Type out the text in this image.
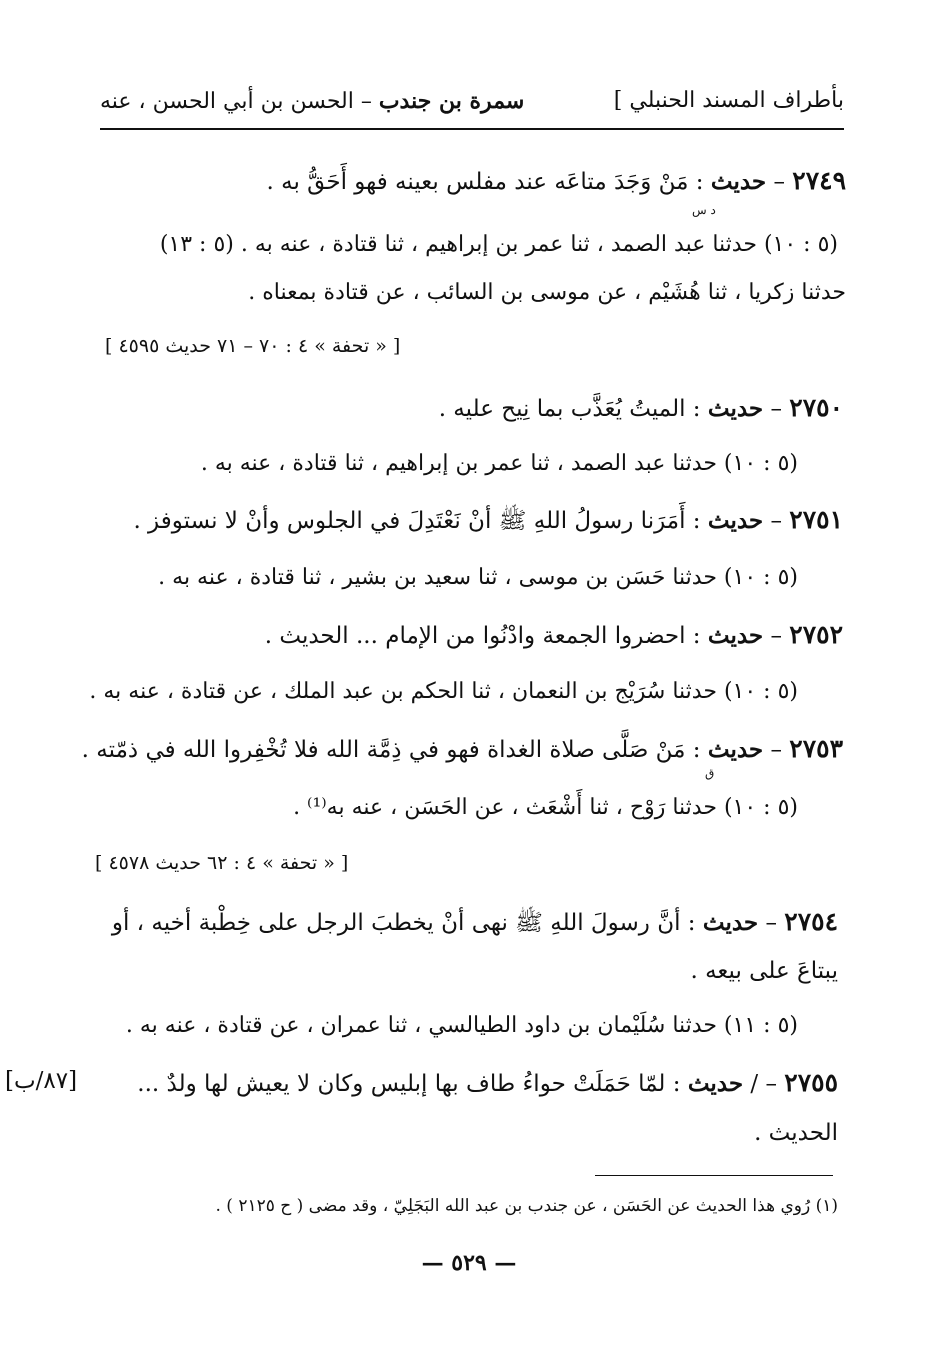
بأطراف المسند الحنبلي ]
سمرة بن جندب – الحسن بن أبي الحسن ، عنه
٢٧٤٩ – حديث : مَنْ وَجَدَ متاعَه عند مفلس بعينه فهو أَحَقُّ به .
د س
(٥ : ١٠) حدثنا عبد الصمد ، ثنا عمر بن إبراهيم ، ثنا قتادة ، عنه به . (٥ : ١٣)
حدثنا زكريا ، ثنا هُشَيْم ، عن موسى بن السائب ، عن قتادة بمعناه .
[ « تحفة » ٤ : ٧٠ – ٧١ حديث ٤٥٩٥ ]
٢٧٥٠ – حديث : الميتُ يُعَذَّب بما نِيح عليه .
(٥ : ١٠) حدثنا عبد الصمد ، ثنا عمر بن إبراهيم ، ثنا قتادة ، عنه به .
٢٧٥١ – حديث : أَمَرَنا رسولُ اللهِ ﷺ أنْ نَعْتَدِلَ في الجلوس وأنْ لا نستوفز .
(٥ : ١٠) حدثنا حَسَن بن موسى ، ثنا سعيد بن بشير ، ثنا قتادة ، عنه به .
٢٧٥٢ – حديث : احضروا الجمعة وادْنُوا من الإمام ... الحديث .
(٥ : ١٠) حدثنا سُرَيْج بن النعمان ، ثنا الحكم بن عبد الملك ، عن قتادة ، عنه به .
٢٧٥٣ – حديث : مَنْ صَلَّى صلاة الغداة فهو في ذِمَّة الله فلا تُخْفِروا الله في ذمّته .
ق
(٥ : ١٠) حدثنا رَوْح ، ثنا أَشْعَث ، عن الحَسَن ، عنه به⁽¹⁾ .
[ « تحفة » ٤ : ٦٢ حديث ٤٥٧٨ ]
٢٧٥٤ – حديث : أنَّ رسولَ اللهِ ﷺ نهى أنْ يخطبَ الرجل على خِطْبة أخيه ، أو
يبتاعَ على بيعه .
(٥ : ١١) حدثنا سُلَيْمان بن داود الطيالسي ، ثنا عمران ، عن قتادة ، عنه به .
٢٧٥٥ – / حديث : لمّا حَمَلَتْ حواءُ طاف بها إبليس وكان لا يعيش لها ولدٌ ...
[٨٧/ب]
الحديث .
(١) رُوي هذا الحديث عن الحَسَن ، عن جندب بن عبد الله البَجَلِيّ ، وقد مضى ( ح ٢١٢٥ ) .
— ٥٢٩ —
